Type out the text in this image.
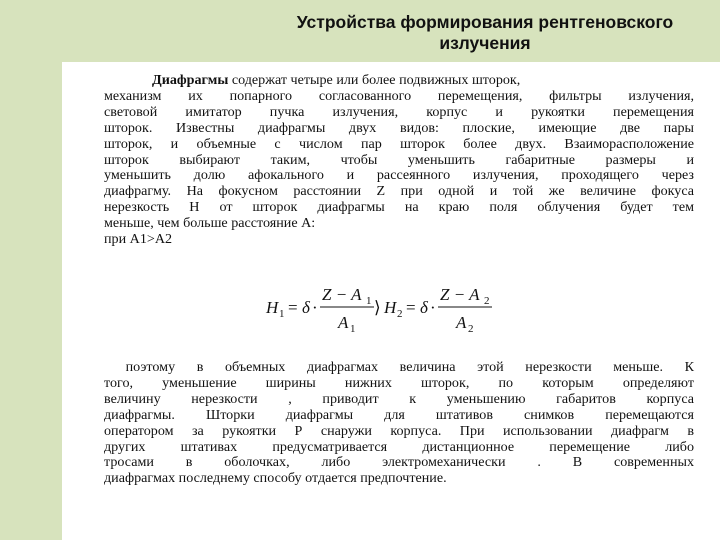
Устройства формирования рентгеновского
излучения
Диафрагмы содержат четыре или более подвижных шторок,
механизм их попарного согласованного перемещения, фильтры излучения,
световой имитатор пучка излучения, корпус и рукоятки перемещения
шторок. Известны диафрагмы двух видов: плоские, имеющие две пары
шторок, и объемные с числом пар шторок более двух. Взаиморасположение
шторок выбирают таким, чтобы уменьшить габаритные размеры и
уменьшить долю афокального и рассеянного излучения, проходящего через
диафрагму. На фокусном расстоянии Z при одной и той же величине фокуса
нерезкость H от шторок диафрагмы на краю поля облучения будет тем
меньше, чем больше расстояние А:
при A1>A2
H 1 = δ ·
Z − A 1
A 1
⟩ H 2 = δ ·
Z − A 2
A 2
поэтому в объемных диафрагмах величина этой нерезкости меньше. К
того, уменьшение ширины нижних шторок, по которым определяют
величину нерезкости , приводит к уменьшению габаритов корпуса
диафрагмы. Шторки диафрагмы для штативов снимков перемещаются
оператором за рукоятки Р снаружи корпуса. При использовании диафрагм в
других штативах предусматривается дистанционное перемещение либо
тросами в оболочках, либо электромеханически . В современных
диафрагмах последнему способу отдается предпочтение.
